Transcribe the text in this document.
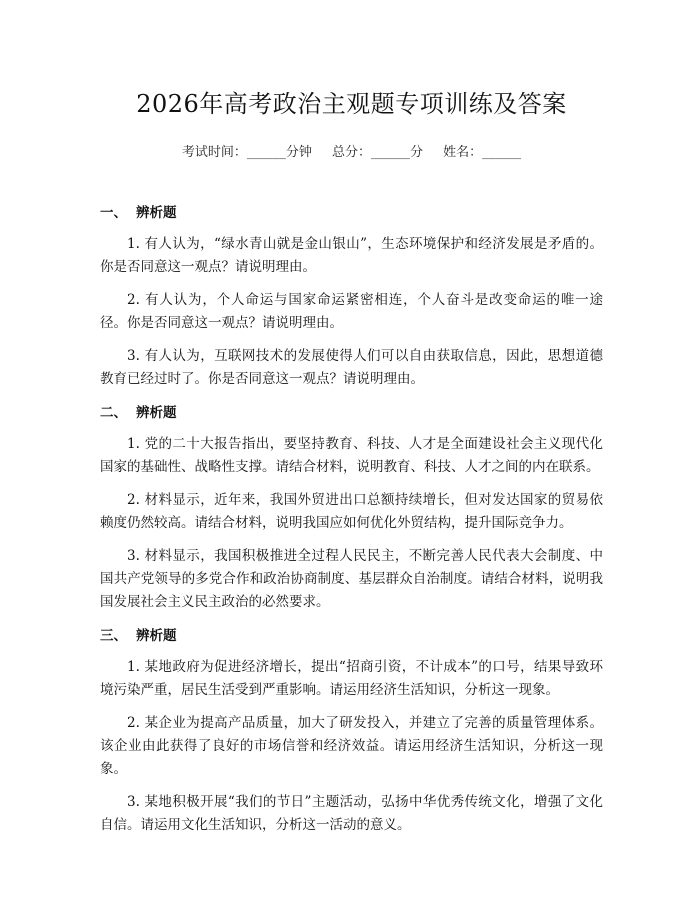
2026年高考政治主观题专项训练及答案
考试时间：______分钟 总分：______分 姓名：______
一、 辨析题

1. 有人认为，“绿水青山就是金山银山”，生态环境保护和经济发展是矛盾的。你是否同意这一观点？请说明理由。

2. 有人认为，个人命运与国家命运紧密相连，个人奋斗是改变命运的唯一途径。你是否同意这一观点？请说明理由。

3. 有人认为，互联网技术的发展使得人们可以自由获取信息，因此，思想道德教育已经过时了。你是否同意这一观点？请说明理由。

二、 辨析题

1. 党的二十大报告指出，要坚持教育、科技、人才是全面建设社会主义现代化国家的基础性、战略性支撑。请结合材料，说明教育、科技、人才之间的内在联系。

2. 材料显示，近年来，我国外贸进出口总额持续增长，但对发达国家的贸易依赖度仍然较高。请结合材料，说明我国应如何优化外贸结构，提升国际竞争力。

3. 材料显示，我国积极推进全过程人民民主，不断完善人民代表大会制度、中国共产党领导的多党合作和政治协商制度、基层群众自治制度。请结合材料，说明我国发展社会主义民主政治的必然要求。

三、 辨析题

1. 某地政府为促进经济增长，提出“招商引资，不计成本”的口号，结果导致环境污染严重，居民生活受到严重影响。请运用经济生活知识，分析这一现象。

2. 某企业为提高产品质量，加大了研发投入，并建立了完善的质量管理体系。该企业由此获得了良好的市场信誉和经济效益。请运用经济生活知识，分析这一现象。

3. 某地积极开展“我们的节日”主题活动，弘扬中华优秀传统文化，增强了文化自信。请运用文化生活知识，分析这一活动的意义。
